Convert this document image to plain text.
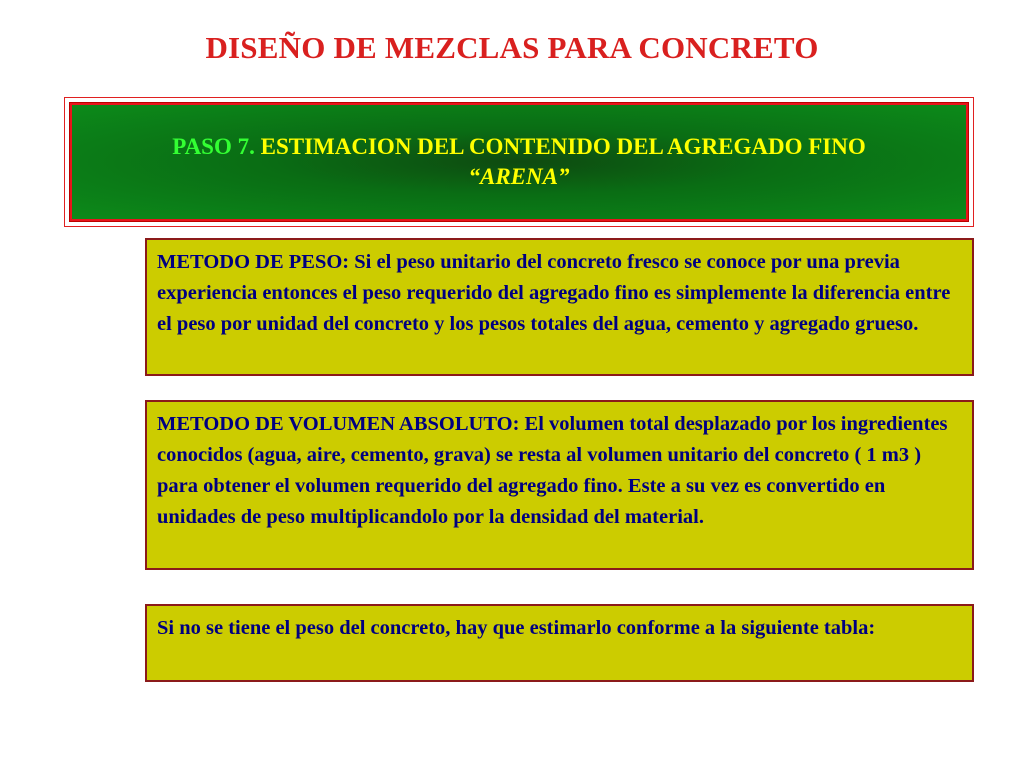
DISEÑO DE MEZCLAS PARA CONCRETO
PASO 7. ESTIMACION DEL CONTENIDO DEL AGREGADO FINO
“ARENA”
METODO DE PESO: Si el peso unitario del concreto fresco se conoce por una previa experiencia entonces el peso requerido del agregado fino es simplemente la diferencia entre el peso por unidad del concreto y los pesos totales del agua, cemento y agregado grueso.
METODO DE VOLUMEN ABSOLUTO: El volumen total desplazado por los ingredientes conocidos (agua, aire, cemento, grava) se resta al volumen unitario del concreto ( 1 m3 ) para obtener el volumen requerido del agregado fino. Este a su vez es convertido en unidades de peso multiplicandolo por la densidad del material.
Si no se tiene el peso del concreto, hay que estimarlo conforme a la siguiente tabla:
